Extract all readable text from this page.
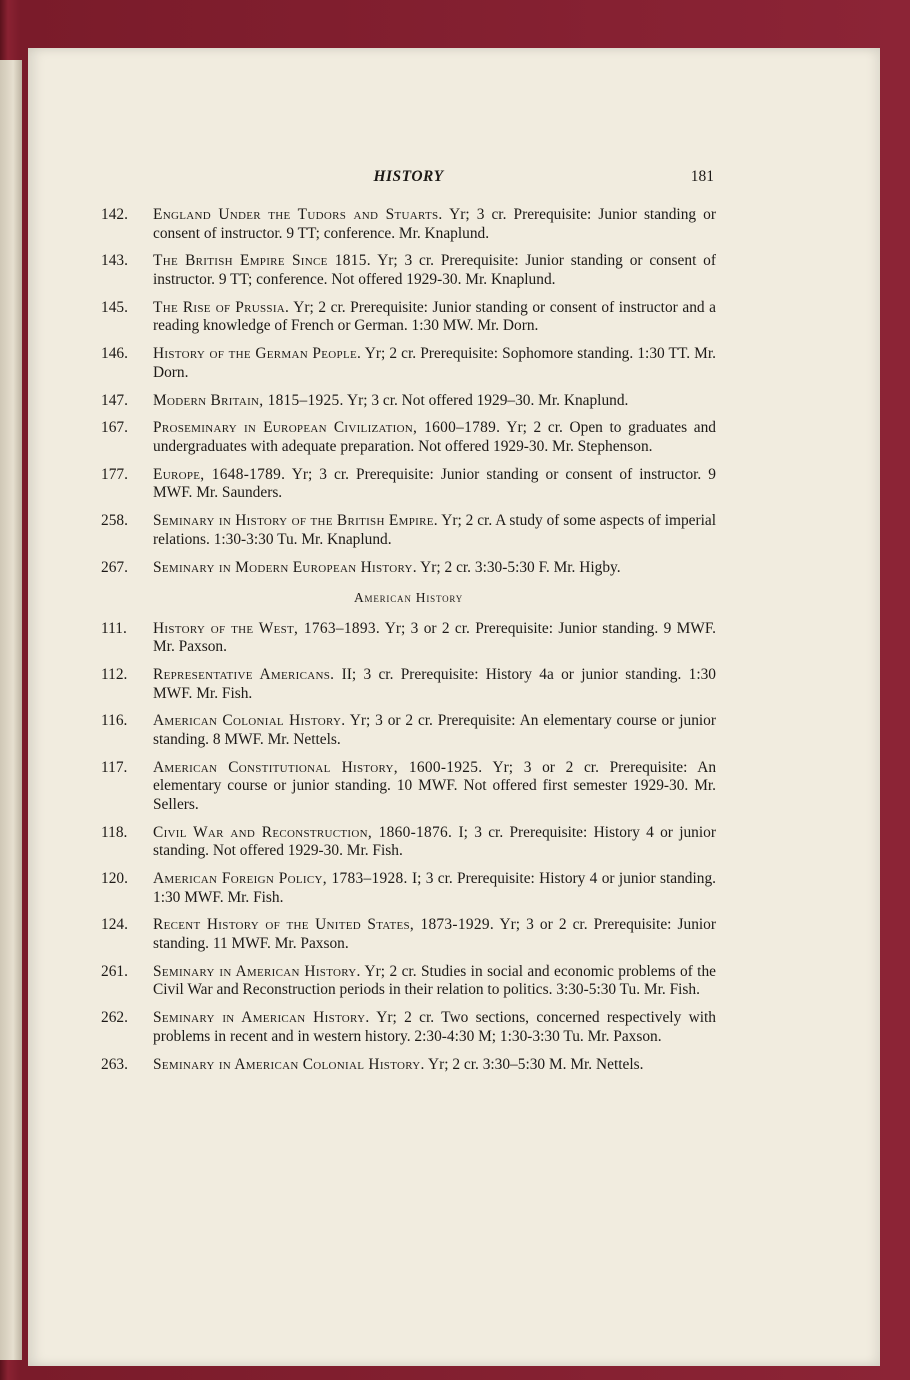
HISTORY	181
142.	England Under the Tudors and Stuarts. Yr; 3 cr. Prerequisite: Junior standing or consent of instructor. 9 TT; conference. Mr. Knaplund.
143.	The British Empire Since 1815. Yr; 3 cr. Prerequisite: Junior standing or consent of instructor. 9 TT; conference. Not offered 1929-30. Mr. Knaplund.
145.	The Rise of Prussia. Yr; 2 cr. Prerequisite: Junior standing or consent of instructor and a reading knowledge of French or German. 1:30 MW. Mr. Dorn.
146.	History of the German People. Yr; 2 cr. Prerequisite: Sophomore standing. 1:30 TT. Mr. Dorn.
147.	Modern Britain, 1815–1925. Yr; 3 cr. Not offered 1929–30. Mr. Knaplund.
167.	Proseminary in European Civilization, 1600–1789. Yr; 2 cr. Open to graduates and undergraduates with adequate preparation. Not offered 1929-30. Mr. Stephenson.
177.	Europe, 1648-1789. Yr; 3 cr. Prerequisite: Junior standing or consent of instructor. 9 MWF. Mr. Saunders.
258.	Seminary in History of the British Empire. Yr; 2 cr. A study of some aspects of imperial relations. 1:30-3:30 Tu. Mr. Knaplund.
267.	Seminary in Modern European History. Yr; 2 cr. 3:30-5:30 F. Mr. Higby.
American History
111.	History of the West, 1763–1893. Yr; 3 or 2 cr. Prerequisite: Junior standing. 9 MWF. Mr. Paxson.
112.	Representative Americans. II; 3 cr. Prerequisite: History 4a or junior standing. 1:30 MWF. Mr. Fish.
116.	American Colonial History. Yr; 3 or 2 cr. Prerequisite: An elementary course or junior standing. 8 MWF. Mr. Nettels.
117.	American Constitutional History, 1600-1925. Yr; 3 or 2 cr. Prerequisite: An elementary course or junior standing. 10 MWF. Not offered first semester 1929-30. Mr. Sellers.
118.	Civil War and Reconstruction, 1860-1876. I; 3 cr. Prerequisite: History 4 or junior standing. Not offered 1929-30. Mr. Fish.
120.	American Foreign Policy, 1783–1928. I; 3 cr. Prerequisite: History 4 or junior standing. 1:30 MWF. Mr. Fish.
124.	Recent History of the United States, 1873-1929. Yr; 3 or 2 cr. Prerequisite: Junior standing. 11 MWF. Mr. Paxson.
261.	Seminary in American History. Yr; 2 cr. Studies in social and economic problems of the Civil War and Reconstruction periods in their relation to politics. 3:30-5:30 Tu. Mr. Fish.
262.	Seminary in American History. Yr; 2 cr. Two sections, concerned respectively with problems in recent and in western history. 2:30-4:30 M; 1:30-3:30 Tu. Mr. Paxson.
263.	Seminary in American Colonial History. Yr; 2 cr. 3:30–5:30 M. Mr. Nettels.
